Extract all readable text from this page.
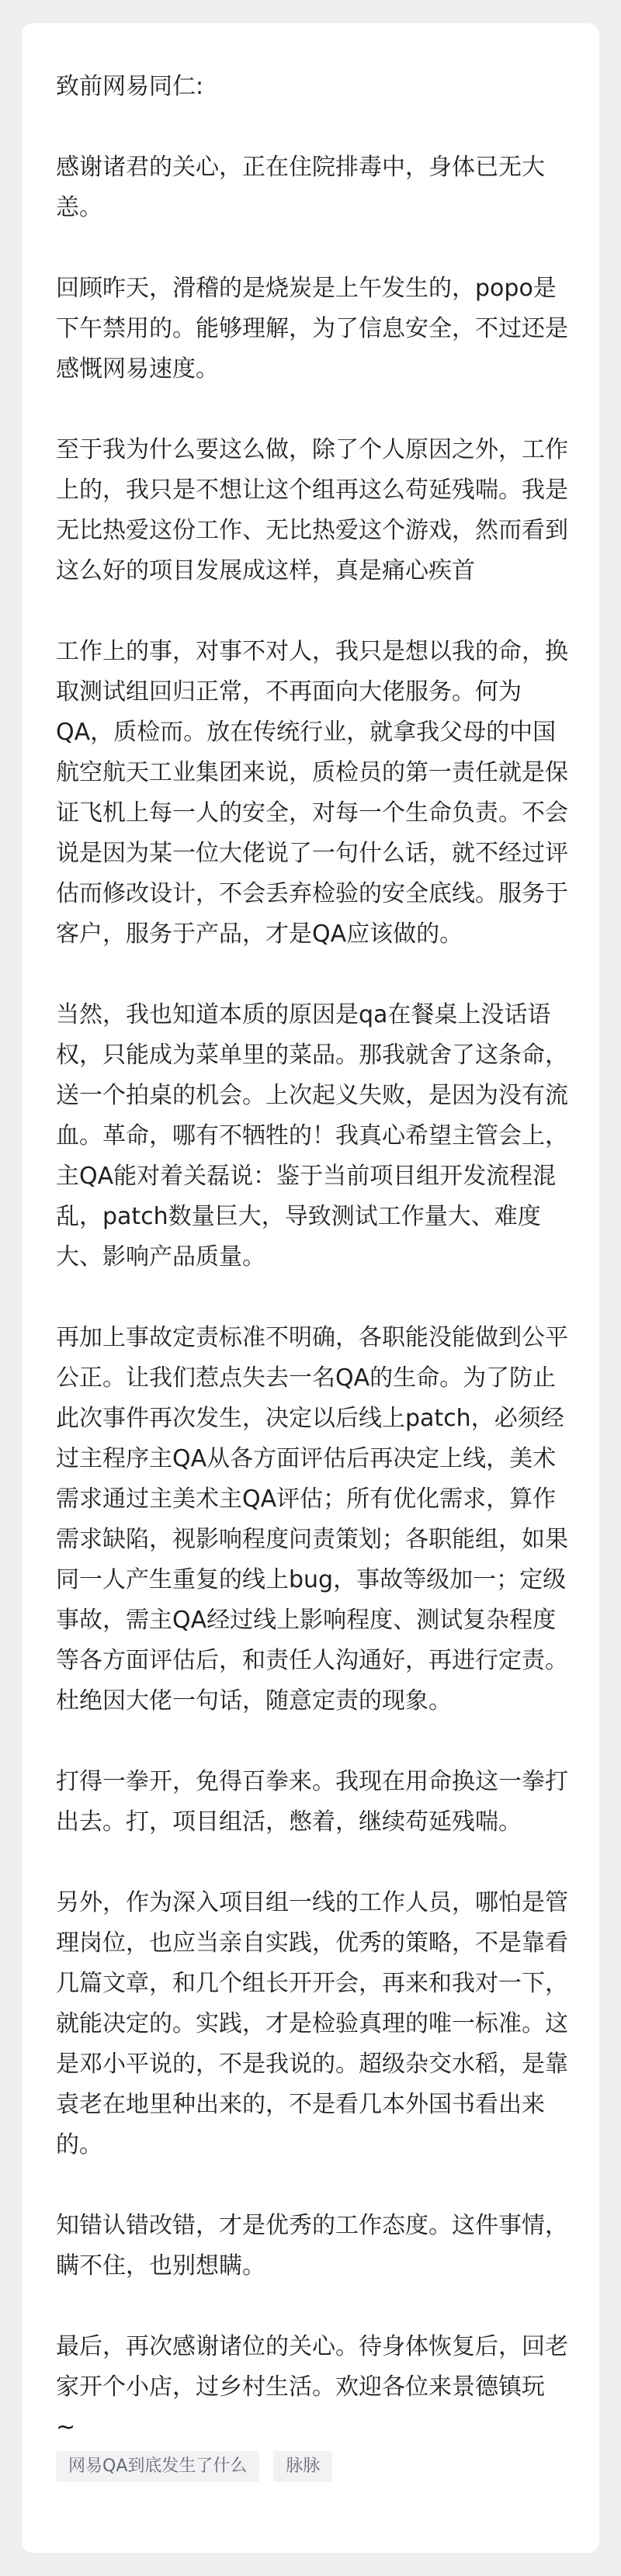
致前网易同仁:

感谢诸君的关心，正在住院排毒中，身体已无大恙。

回顾昨天，滑稽的是烧炭是上午发生的，popo是下午禁用的。能够理解，为了信息安全，不过还是感慨网易速度。

至于我为什么要这么做，除了个人原因之外，工作上的，我只是不想让这个组再这么苟延残喘。我是无比热爱这份工作、无比热爱这个游戏，然而看到这么好的项目发展成这样，真是痛心疾首

工作上的事，对事不对人，我只是想以我的命，换取测试组回归正常，不再面向大佬服务。何为QA，质检而。放在传统行业，就拿我父母的中国航空航天工业集团来说，质检员的第一责任就是保证飞机上每一人的安全，对每一个生命负责。不会说是因为某一位大佬说了一句什么话，就不经过评估而修改设计，不会丢弃检验的安全底线。服务于客户，服务于产品，才是QA应该做的。

当然，我也知道本质的原因是qa在餐桌上没话语权，只能成为菜单里的菜品。那我就舍了这条命，送一个拍桌的机会。上次起义失败，是因为没有流血。革命，哪有不牺牲的！我真心希望主管会上，主QA能对着关磊说：鉴于当前项目组开发流程混乱，patch数量巨大，导致测试工作量大、难度大、影响产品质量。

再加上事故定责标准不明确，各职能没能做到公平公正。让我们惹点失去一名QA的生命。为了防止此次事件再次发生，决定以后线上patch，必须经过主程序主QA从各方面评估后再决定上线，美术需求通过主美术主QA评估；所有优化需求，算作需求缺陷，视影响程度问责策划；各职能组，如果同一人产生重复的线上bug，事故等级加一；定级事故，需主QA经过线上影响程度、测试复杂程度等各方面评估后，和责任人沟通好，再进行定责。杜绝因大佬一句话，随意定责的现象。

打得一拳开，免得百拳来。我现在用命换这一拳打出去。打，项目组活，憋着，继续苟延残喘。

另外，作为深入项目组一线的工作人员，哪怕是管理岗位，也应当亲自实践，优秀的策略，不是靠看几篇文章，和几个组长开开会，再来和我对一下，就能决定的。实践，才是检验真理的唯一标准。这是邓小平说的，不是我说的。超级杂交水稻，是靠袁老在地里种出来的，不是看几本外国书看出来的。

知错认错改错，才是优秀的工作态度。这件事情，瞒不住，也别想瞒。

最后，再次感谢诸位的关心。待身体恢复后，回老家开个小店，过乡村生活。欢迎各位来景德镇玩 ~

网易QA到底发生了什么	脉脉
